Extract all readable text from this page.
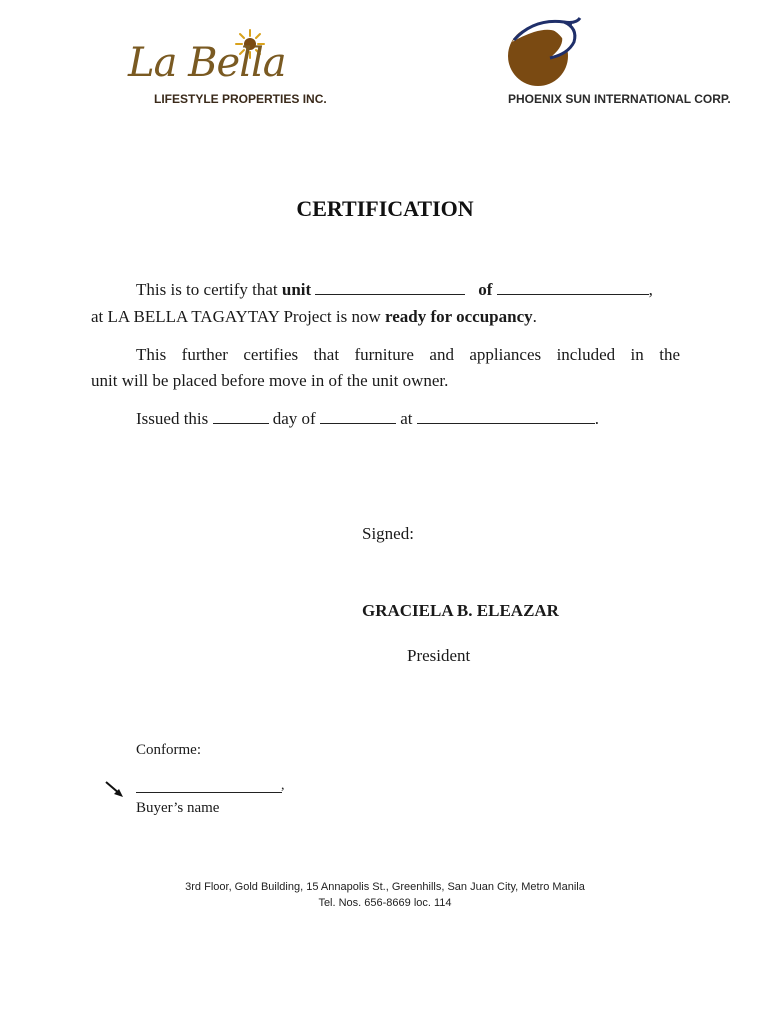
La Bella
LIFESTYLE PROPERTIES INC.	PHOENIX SUN INTERNATIONAL CORP.
CERTIFICATION
This is to certify that unit	of	,
at LA BELLA TAGAYTAY Project is now ready for occupancy.
This further certifies that furniture and appliances included in the
unit will be placed before move in of the unit owner.
Issued this	day of	at	.
Signed:
GRACIELA B. ELEAZAR
President
Conforme:
,
Buyer’s name
3rd Floor, Gold Building, 15 Annapolis St., Greenhills, San Juan City, Metro Manila
Tel. Nos. 656-8669 loc. 114
